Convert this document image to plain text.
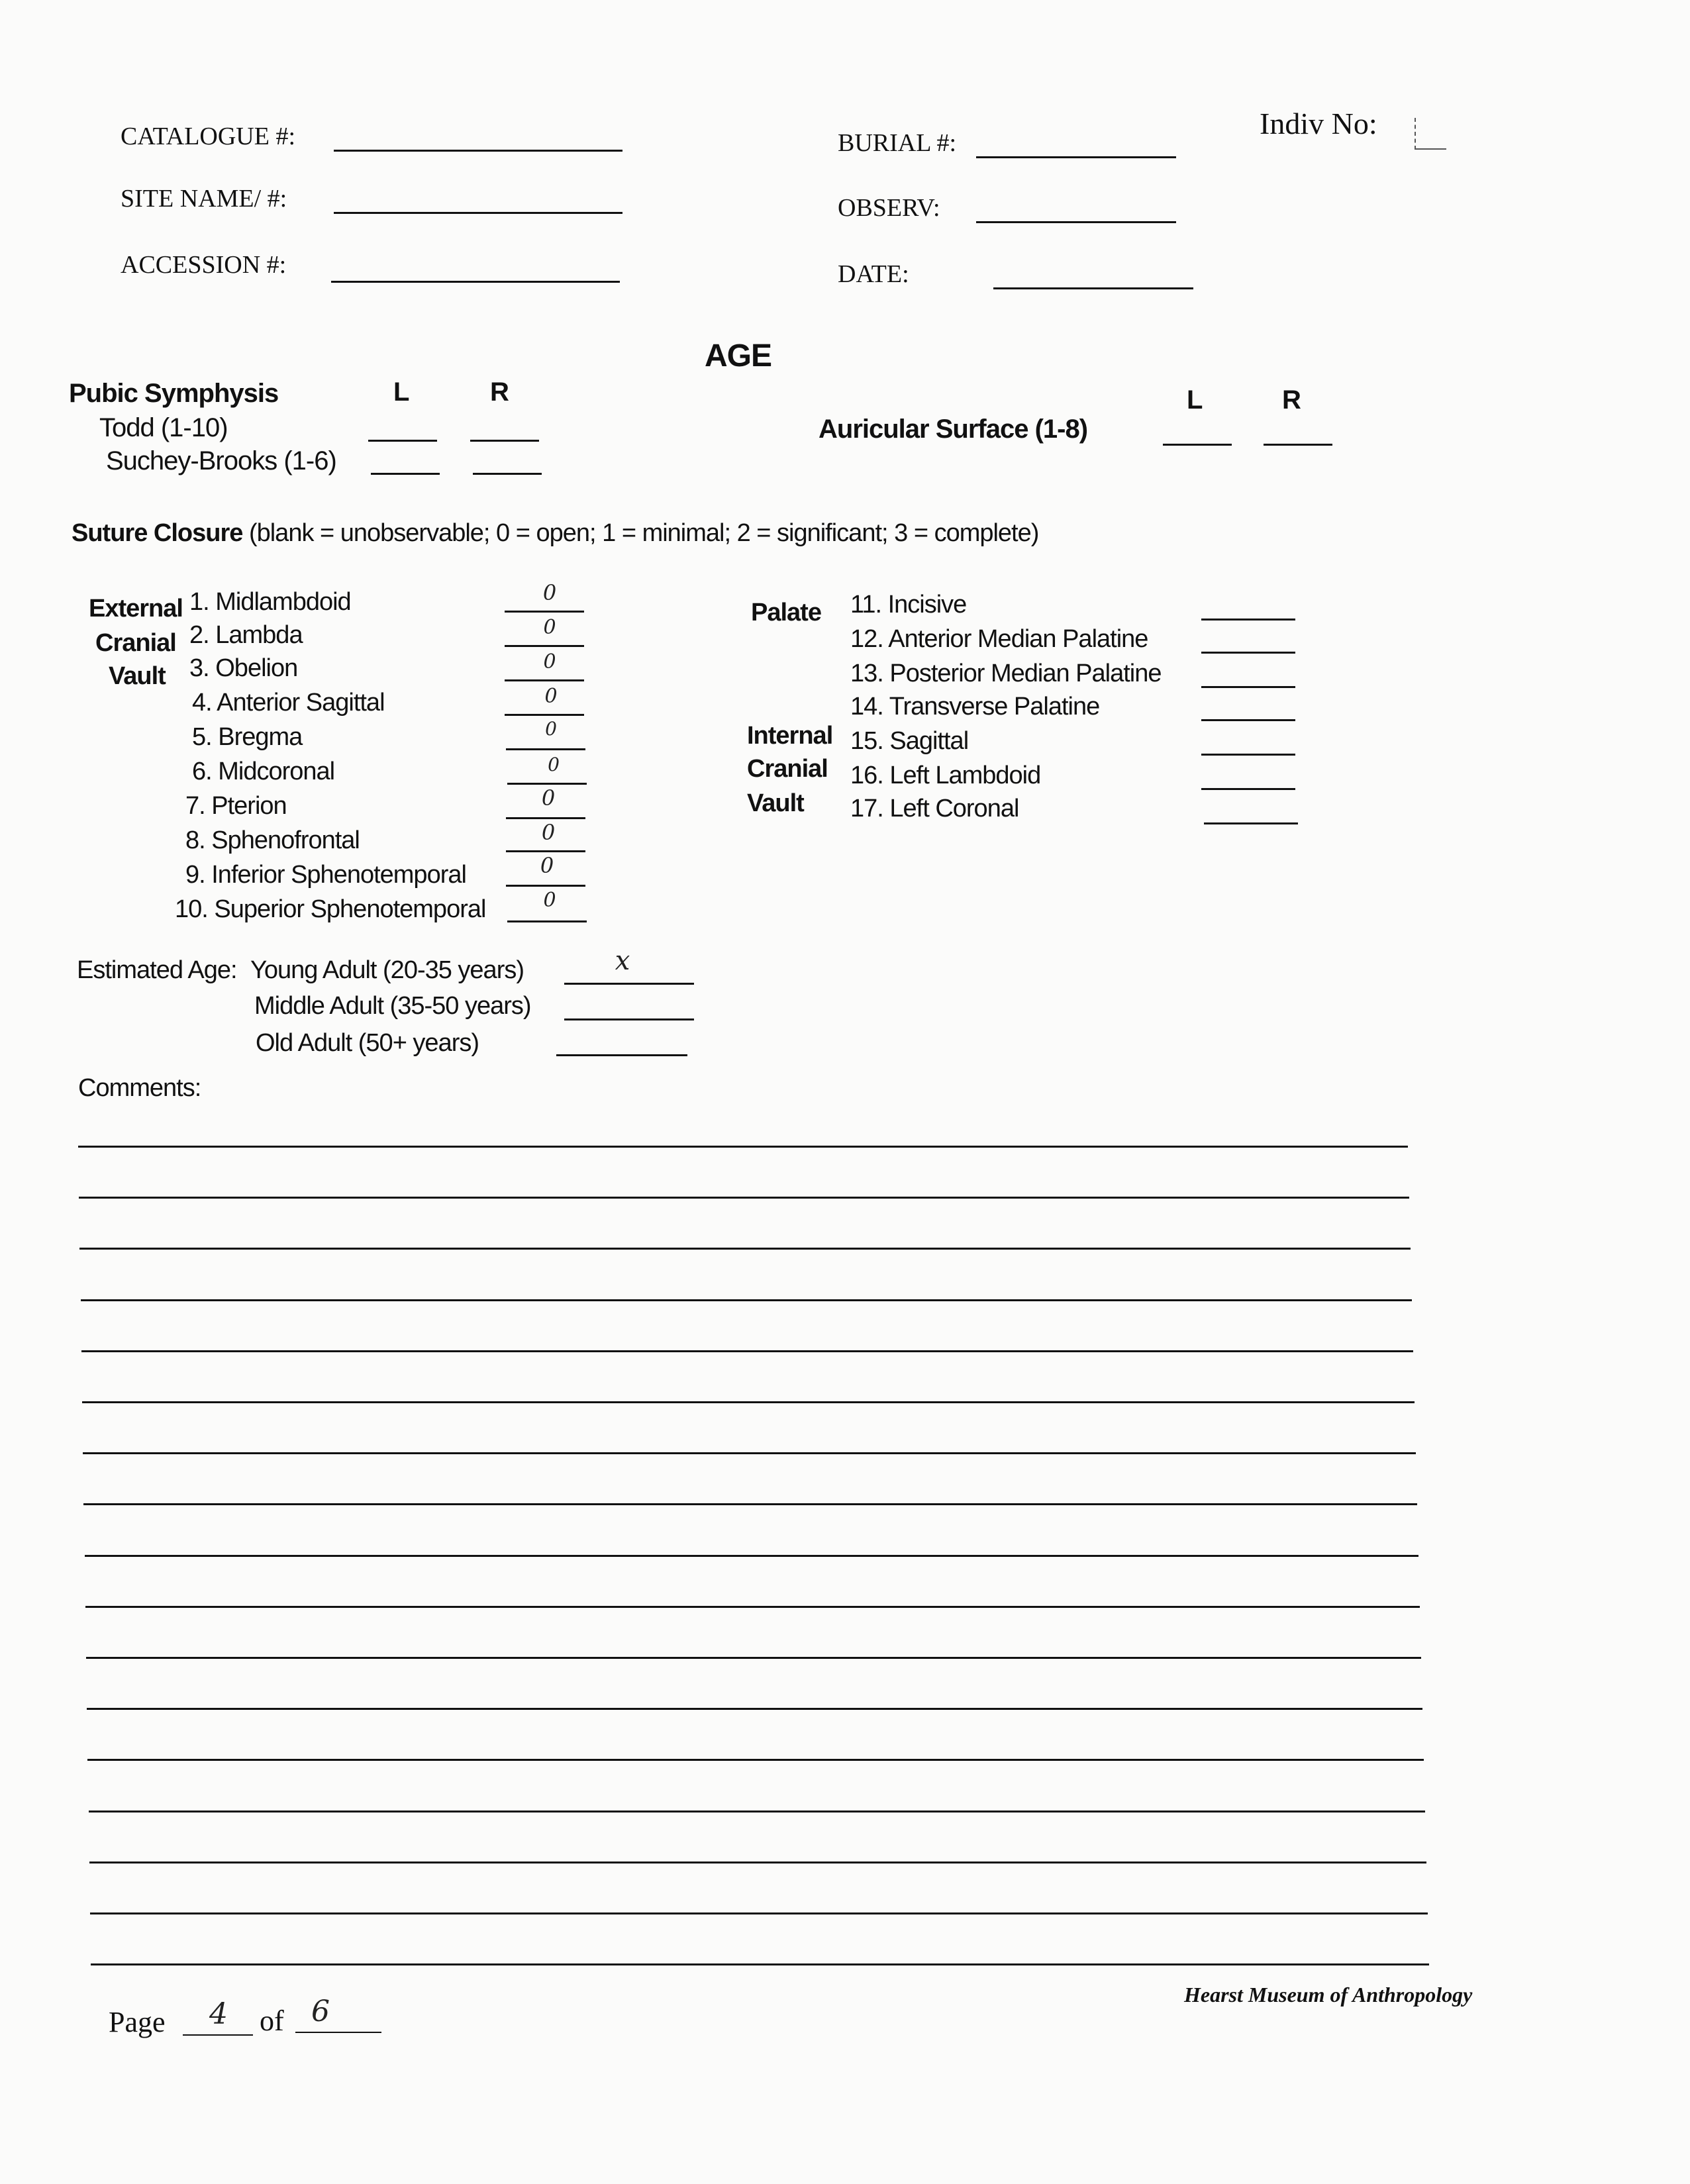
Indiv No:
CATALOGUE #:	BURIAL #:
SITE NAME/ #:	OBSERV:
ACCESSION #:	DATE:
AGE
Pubic Symphysis	L	R
Todd (1-10)
Suchey-Brooks (1-6)
L	R
Auricular Surface (1-8)
Suture Closure (blank = unobservable; 0 = open; 1 = minimal; 2 = significant; 3 = complete)
External
Cranial
Vault
1. Midlambdoid	0
2. Lambda	0
3. Obelion	0
4. Anterior Sagittal	0
5. Bregma	0
6. Midcoronal	0
7. Pterion	0
8. Sphenofrontal	0
9. Inferior Sphenotemporal	0
10. Superior Sphenotemporal	0
Palate
Internal
Cranial
Vault
11. Incisive
12. Anterior Median Palatine
13. Posterior Median Palatine
14. Transverse Palatine
15. Sagittal
16. Left Lambdoid
17. Left Coronal
Estimated Age: Young Adult (20-35 years)	x
Middle Adult (35-50 years)
Old Adult (50+ years)
Comments:
Page	4	of 6	Hearst Museum of Anthropology
